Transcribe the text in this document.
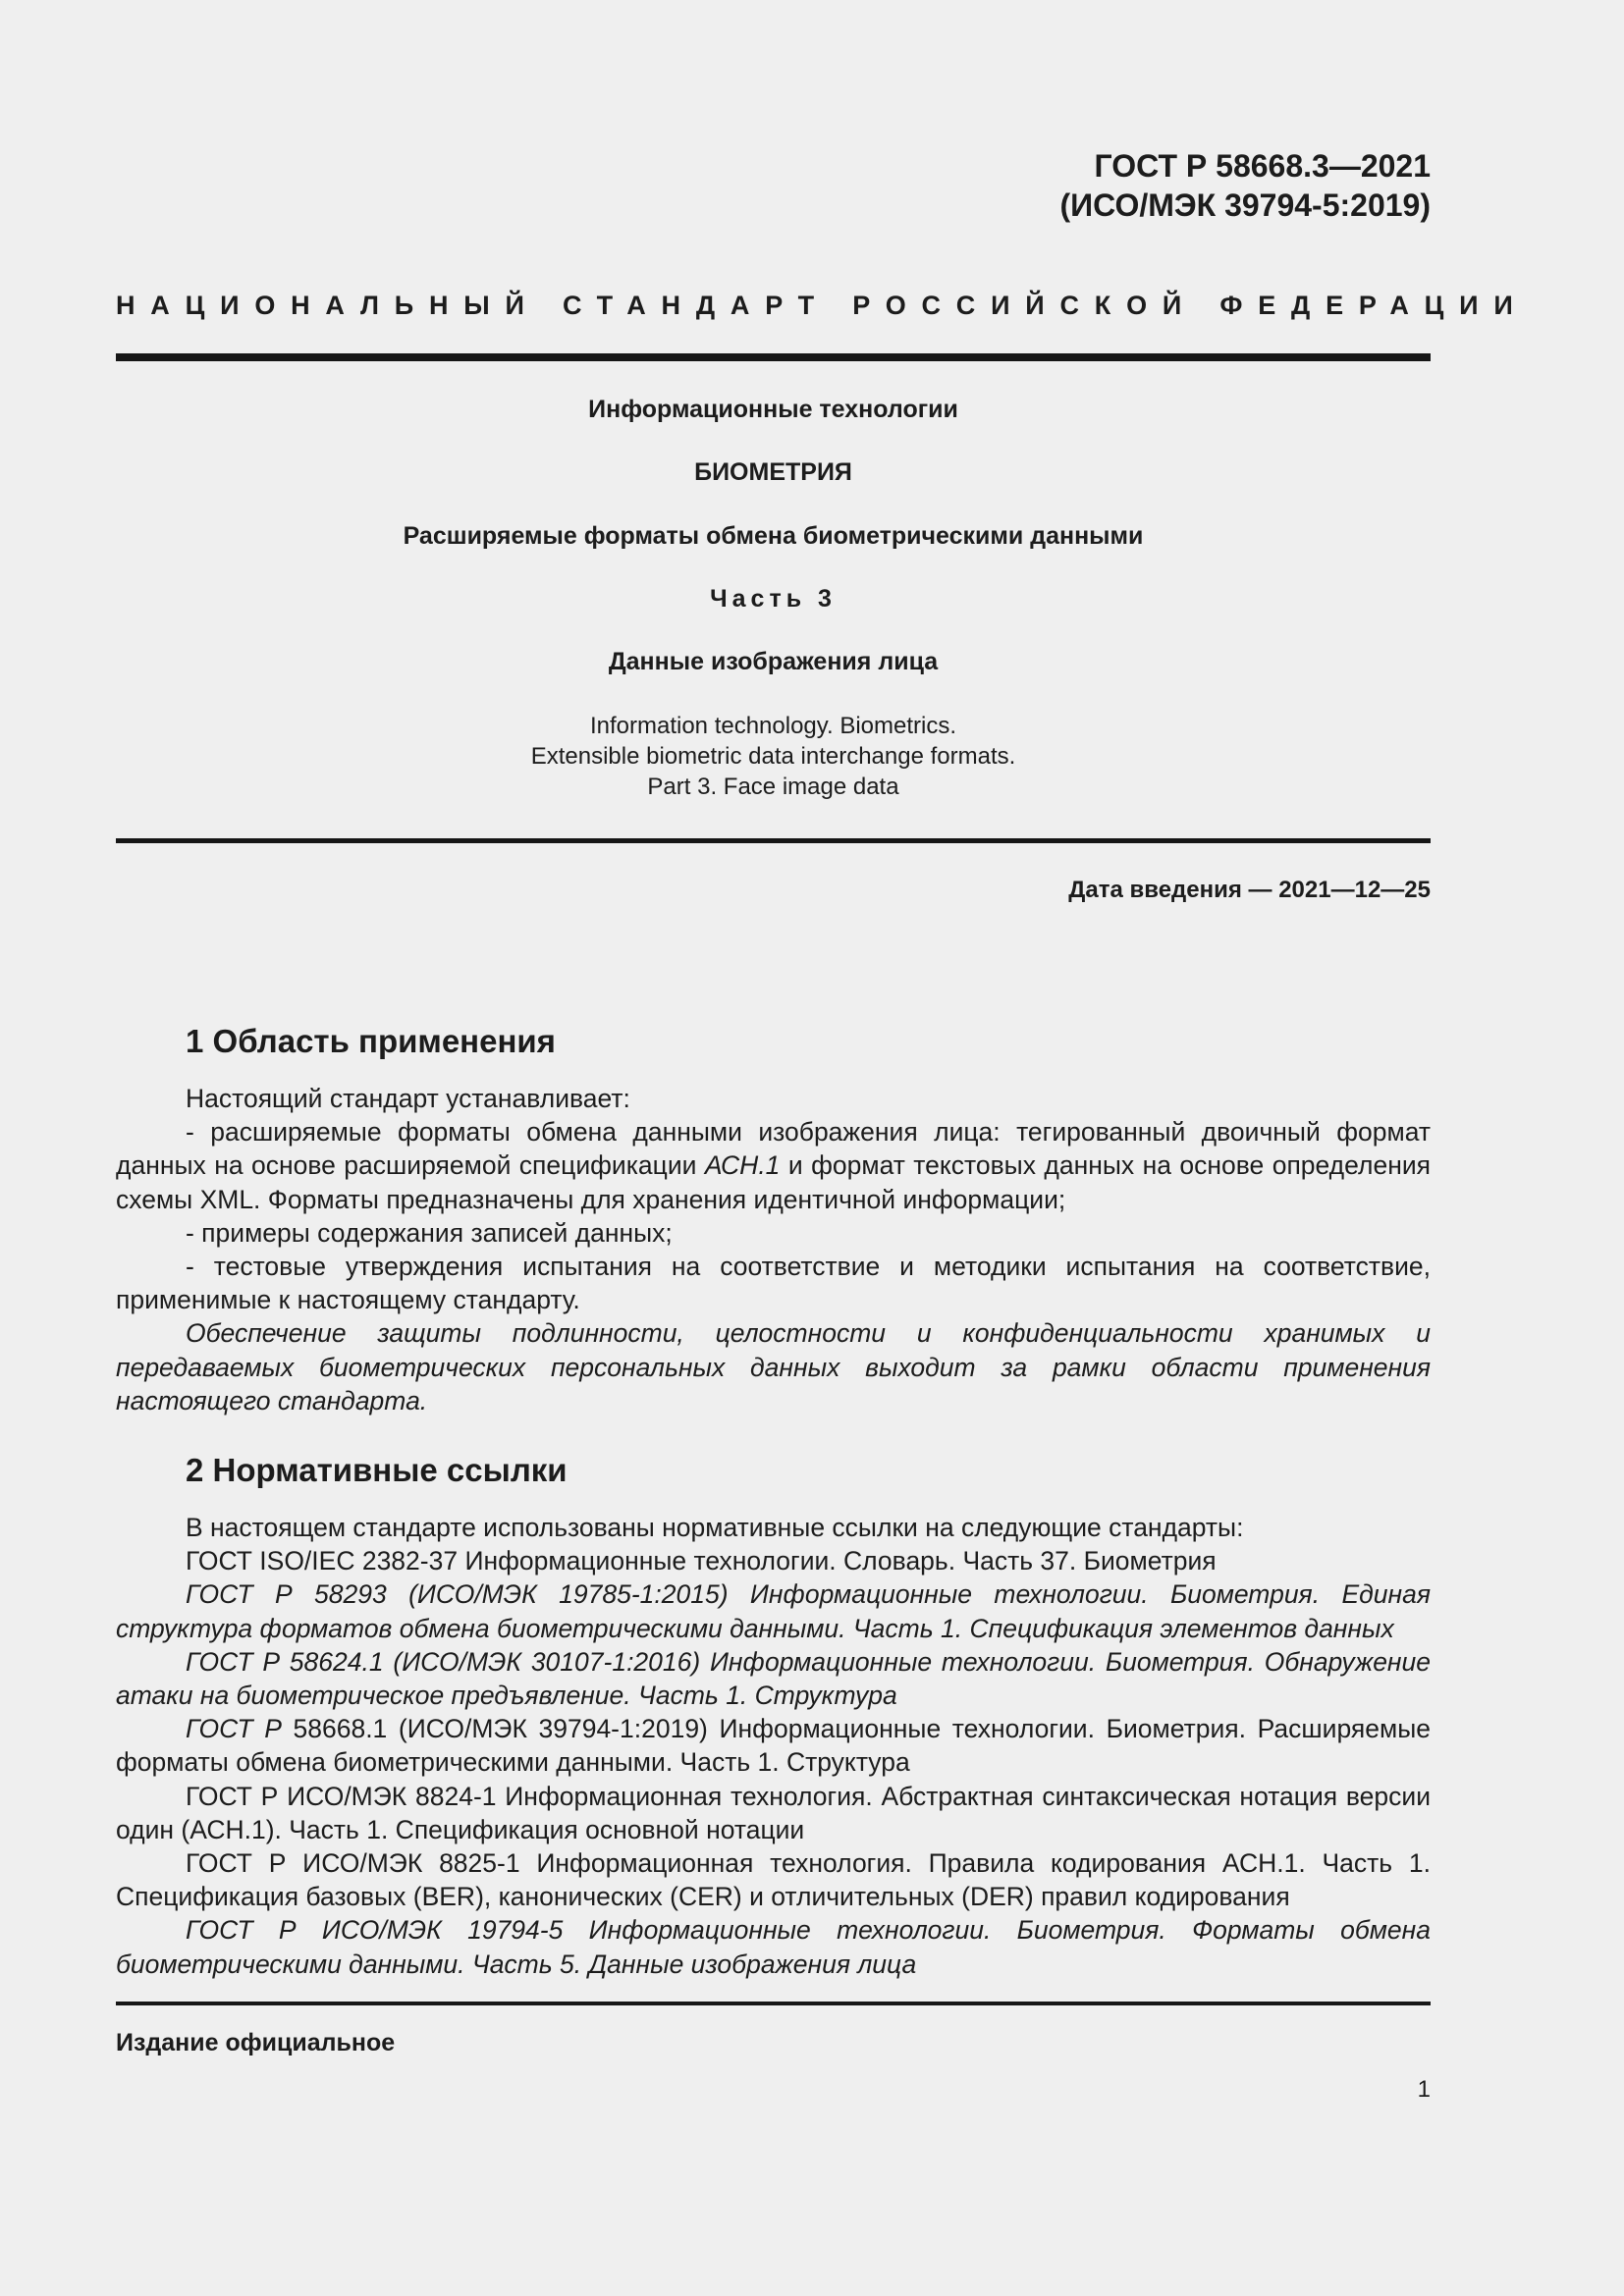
ГОСТ Р 58668.3—2021
(ИСО/МЭК 39794-5:2019)
НАЦИОНАЛЬНЫЙ СТАНДАРТ РОССИЙСКОЙ ФЕДЕРАЦИИ
Информационные технологии
БИОМЕТРИЯ
Расширяемые форматы обмена биометрическими данными
Часть 3
Данные изображения лица
Information technology. Biometrics.
Extensible biometric data interchange formats.
Part 3. Face image data
Дата введения — 2021—12—25
1 Область применения

Настоящий стандарт устанавливает:

- расширяемые форматы обмена данными изображения лица: тегированный двоичный формат данных на основе расширяемой спецификации АСН.1 и формат текстовых данных на основе определения схемы XML. Форматы предназначены для хранения идентичной информации;

- примеры содержания записей данных;

- тестовые утверждения испытания на соответствие и методики испытания на соответствие, применимые к настоящему стандарту.

Обеспечение защиты подлинности, целостности и конфиденциальности хранимых и передаваемых биометрических персональных данных выходит за рамки области применения настоящего стандарта.

2 Нормативные ссылки

В настоящем стандарте использованы нормативные ссылки на следующие стандарты:

ГОСТ ISO/IEC 2382-37 Информационные технологии. Словарь. Часть 37. Биометрия

ГОСТ Р 58293 (ИСО/МЭК 19785-1:2015) Информационные технологии. Биометрия. Единая структура форматов обмена биометрическими данными. Часть 1. Спецификация элементов данных

ГОСТ Р 58624.1 (ИСО/МЭК 30107-1:2016) Информационные технологии. Биометрия. Обнаружение атаки на биометрическое предъявление. Часть 1. Структура

ГОСТ Р 58668.1 (ИСО/МЭК 39794-1:2019) Информационные технологии. Биометрия. Расширяемые форматы обмена биометрическими данными. Часть 1. Структура

ГОСТ Р ИСО/МЭК 8824-1 Информационная технология. Абстрактная синтаксическая нотация версии один (АСН.1). Часть 1. Спецификация основной нотации

ГОСТ Р ИСО/МЭК 8825-1 Информационная технология. Правила кодирования АСН.1. Часть 1. Спецификация базовых (BER), канонических (CER) и отличительных (DER) правил кодирования

ГОСТ Р ИСО/МЭК 19794-5 Информационные технологии. Биометрия. Форматы обмена биометрическими данными. Часть 5. Данные изображения лица

Издание официальное
1
